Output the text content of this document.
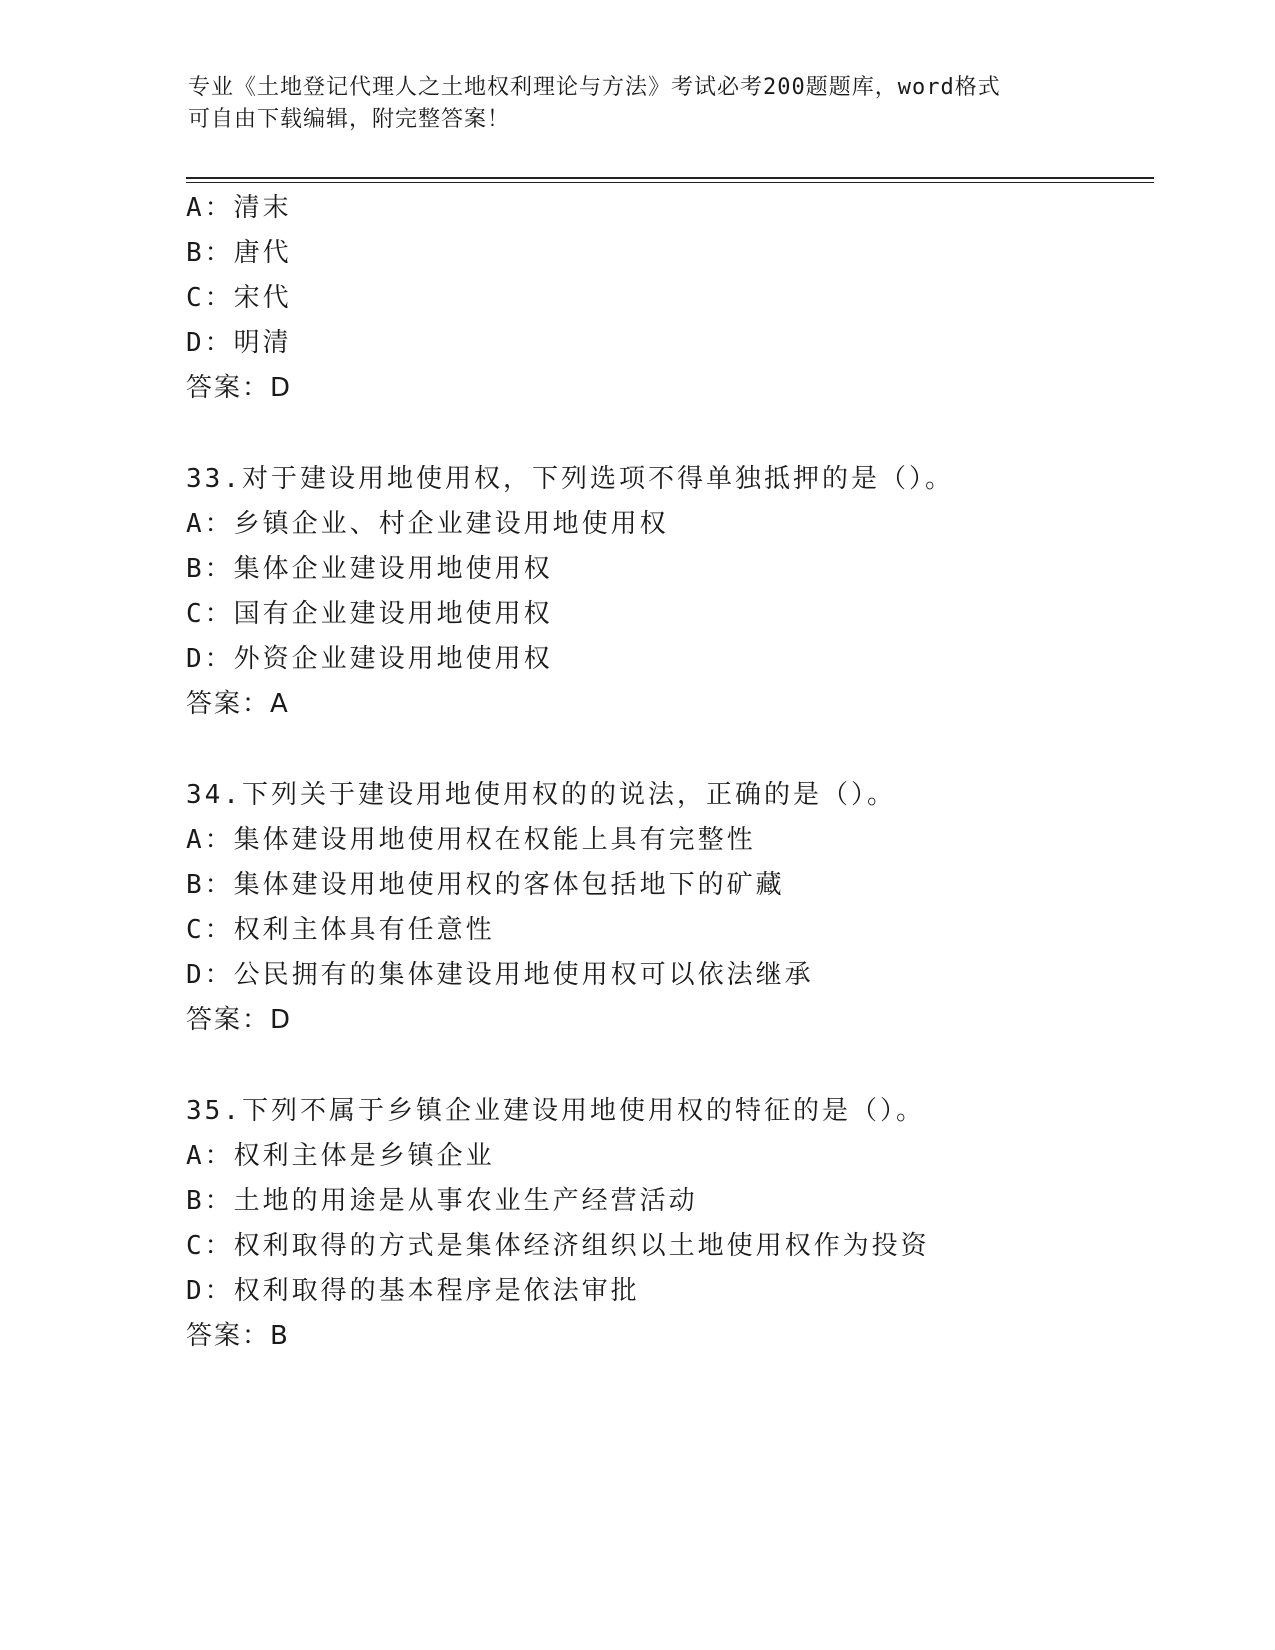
专业《土地登记代理人之土地权利理论与方法》考试必考200题题库，word格式
可自由下载编辑，附完整答案！
A：清末
B：唐代
C：宋代
D：明清
答案：D
33.对于建设用地使用权，下列选项不得单独抵押的是（）。
A：乡镇企业、村企业建设用地使用权
B：集体企业建设用地使用权
C：国有企业建设用地使用权
D：外资企业建设用地使用权
答案：A
34.下列关于建设用地使用权的的说法，正确的是（）。
A：集体建设用地使用权在权能上具有完整性
B：集体建设用地使用权的客体包括地下的矿藏
C：权利主体具有任意性
D：公民拥有的集体建设用地使用权可以依法继承
答案：D
35.下列不属于乡镇企业建设用地使用权的特征的是（）。
A：权利主体是乡镇企业
B：土地的用途是从事农业生产经营活动
C：权利取得的方式是集体经济组织以土地使用权作为投资
D：权利取得的基本程序是依法审批
答案：B
